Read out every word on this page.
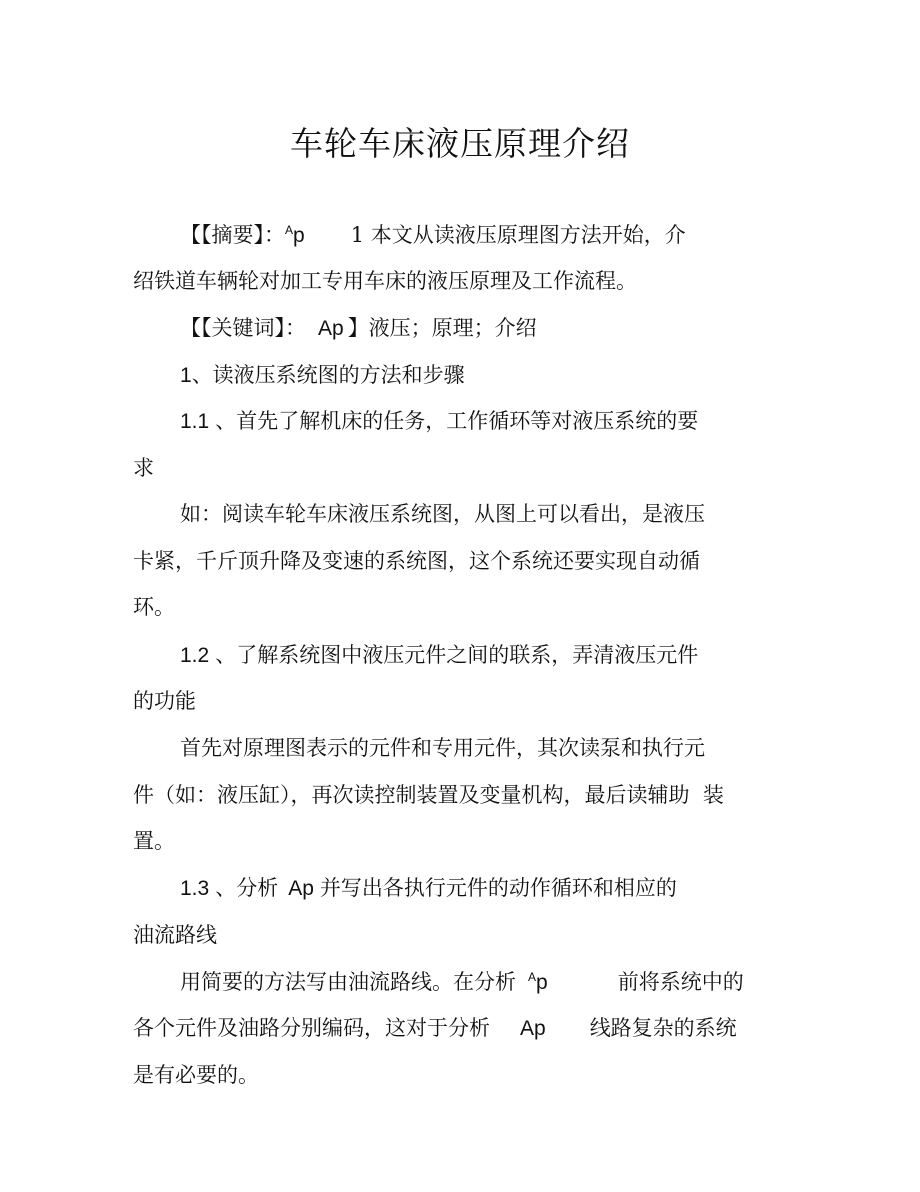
车轮车床液压原理介绍
【【摘要】：$^A$p 1 本文从读液压原理图方法开始，介
绍铁道车辆轮对加工专用车床的液压原理及工作流程。
【【关键词】： Ap 】液压；原理；介绍
1、读液压系统图的方法和步骤
1.1 、首先了解机床的任务，工作循环等对液压系统的要
求
如：阅读车轮车床液压系统图，从图上可以看出，是液压
卡紧，千斤顶升降及变速的系统图，这个系统还要实现自动循
环。
1.2 、了解系统图中液压元件之间的联系，弄清液压元件
的功能
首先对原理图表示的元件和专用元件，其次读泵和执行元
件（如：液压缸），再次读控制装置及变量机构，最后读辅助  装
置。
1.3 、分析 Ap 并写出各执行元件的动作循环和相应的
油流路线
用简要的方法写由油流路线。在分析 $^A$p	前将系统中的
各个元件及油路分别编码，这对于分析 Ap 线路复杂的系统
是有必要的。
